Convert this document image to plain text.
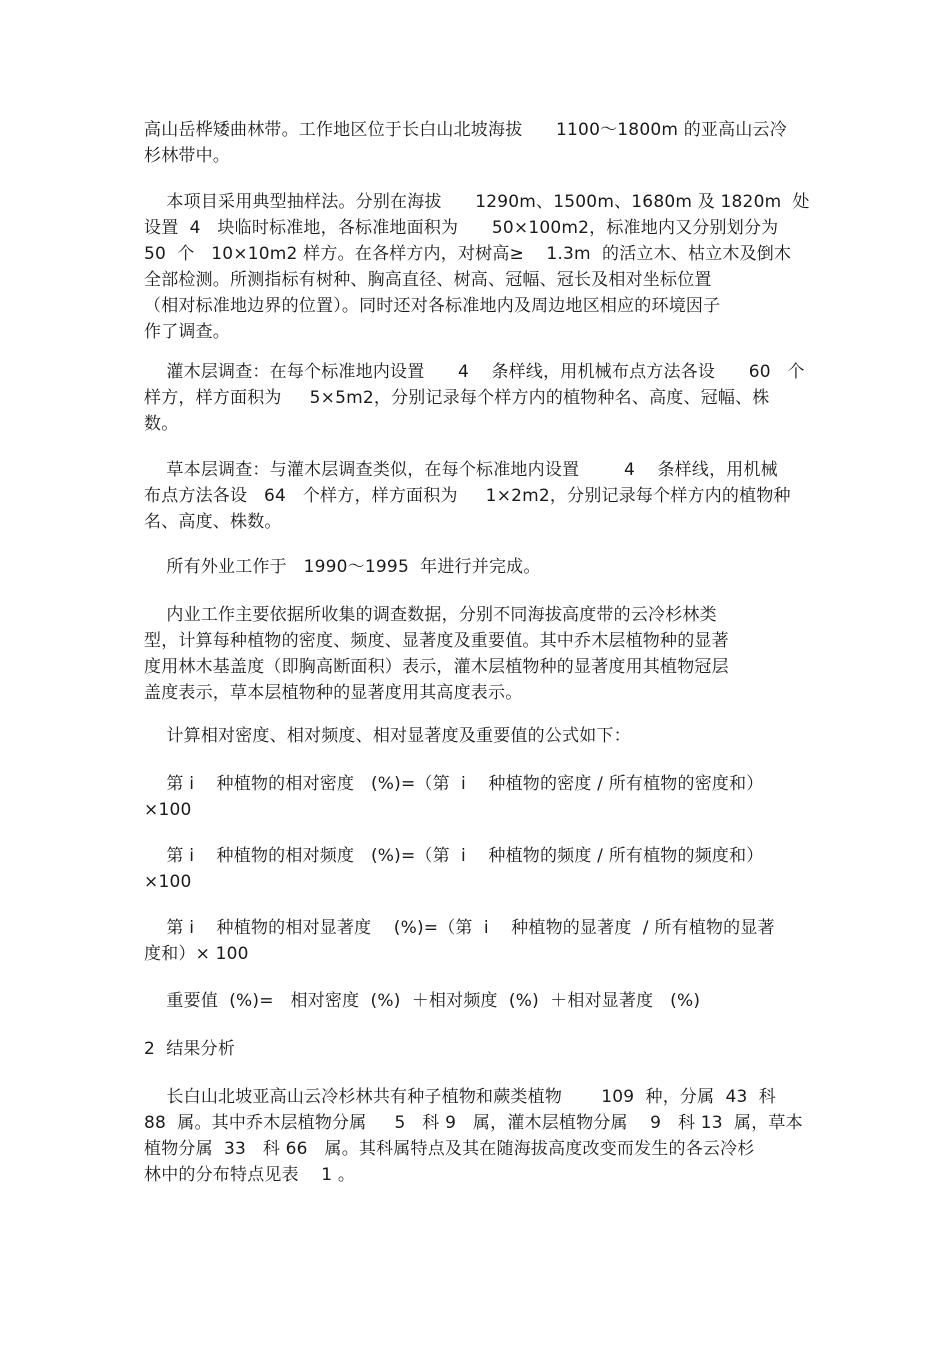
高山岳桦矮曲林带。工作地区位于长白山北坡海拔      1100～1800m 的亚高山云冷
杉林带中。
本项目采用典型抽样法。分别在海拔      1290m、1500m、1680m 及 1820m  处
设置  4   块临时标准地，各标准地面积为      50×100m2，标准地内又分别划分为
50  个   10×10m2 样方。在各样方内，对树高≥    1.3m  的活立木、枯立木及倒木
全部检测。所测指标有树种、胸高直径、树高、冠幅、冠长及相对坐标位置
（相对标准地边界的位置）。同时还对各标准地内及周边地区相应的环境因子
作了调查。
灌木层调查：在每个标准地内设置      4    条样线，用机械布点方法各设      60   个
样方，样方面积为     5×5m2，分别记录每个样方内的植物种名、高度、冠幅、株
数。
草本层调查：与灌木层调查类似，在每个标准地内设置        4    条样线，用机械
布点方法各设   64   个样方，样方面积为     1×2m2，分别记录每个样方内的植物种
名、高度、株数。
所有外业工作于   1990～1995  年进行并完成。
内业工作主要依据所收集的调查数据，分别不同海拔高度带的云冷杉林类
型，计算每种植物的密度、频度、显著度及重要值。其中乔木层植物种的显著
度用林木基盖度（即胸高断面积）表示，灌木层植物种的显著度用其植物冠层
盖度表示，草本层植物种的显著度用其高度表示。
计算相对密度、相对频度、相对显著度及重要值的公式如下：
第 i    种植物的相对密度   (%)=（第  i    种植物的密度 / 所有植物的密度和）
×100
第 i    种植物的相对频度   (%)=（第  i    种植物的频度 / 所有植物的频度和）
×100
第 i    种植物的相对显著度    (%)=（第  i    种植物的显著度  / 所有植物的显著
度和）× 100
重要值  (%)=   相对密度  (%)  ＋相对频度  (%)  ＋相对显著度   (%)
2  结果分析
长白山北坡亚高山云冷杉林共有种子植物和蕨类植物       109  种，分属  43  科
88  属。其中乔木层植物分属     5   科 9   属，灌木层植物分属    9   科 13  属，草本
植物分属  33   科 66   属。其科属特点及其在随海拔高度改变而发生的各云冷杉
林中的分布特点见表    1 。
